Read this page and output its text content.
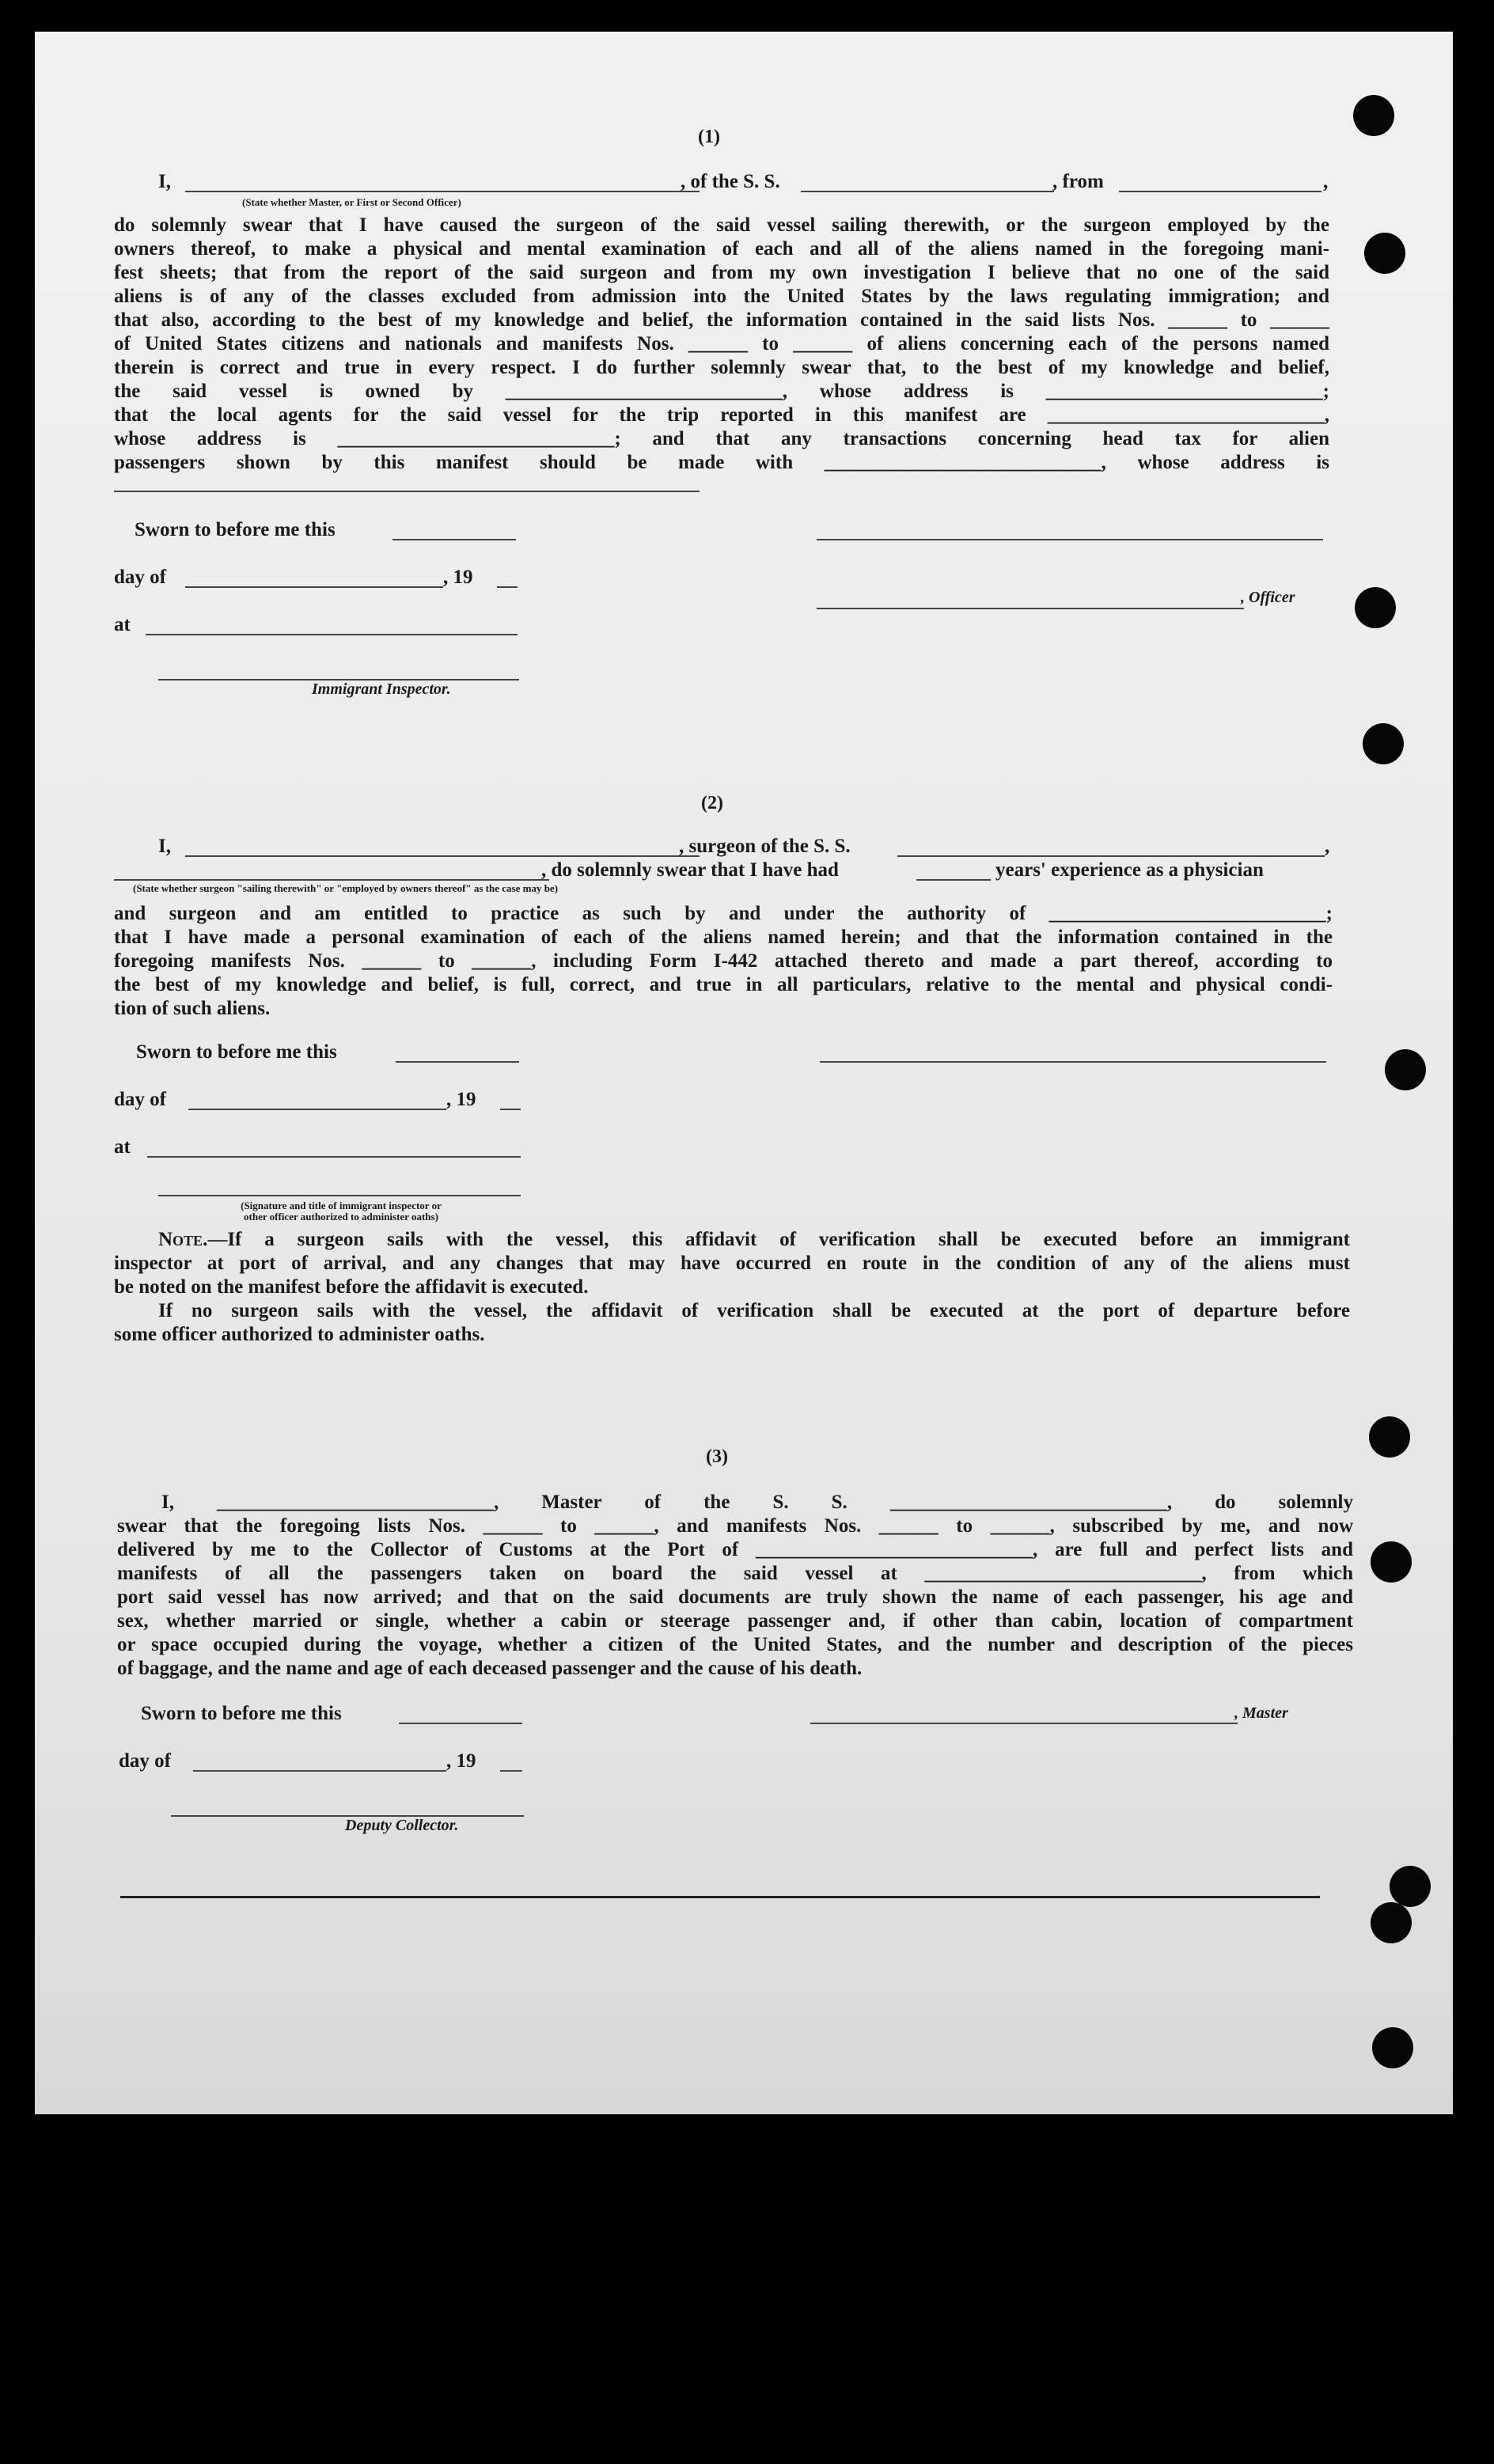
(1)
I,	, of the S. S.	, from	,
(State whether Master, or First or Second Officer)
do solemnly swear that I have caused the surgeon of the said vessel sailing therewith, or the surgeon employed by the
owners thereof, to make a physical and mental examination of each and all of the aliens named in the foregoing mani-
fest sheets; that from the report of the said surgeon and from my own investigation I believe that no one of the said
aliens is of any of the classes excluded from admission into the United States by the laws regulating immigration; and
that also, according to the best of my knowledge and belief, the information contained in the said lists Nos. ______ to ______
of United States citizens and nationals and manifests Nos. ______ to ______ of aliens concerning each of the persons named
therein is correct and true in every respect. I do further solemnly swear that, to the best of my knowledge and belief,
the said vessel is owned by ____________________________, whose address is ____________________________;
that the local agents for the said vessel for the trip reported in this manifest are ____________________________,
whose address is ____________________________; and that any transactions concerning head tax for alien
passengers shown by this manifest should be made with ____________________________, whose address is
Sworn to before me this
day of	, 19
, Officer
at
Immigrant Inspector.
(2)
I,	, surgeon of the S. S.	,
, do solemnly swear that I have had	years' experience as a physician
(State whether surgeon "sailing therewith" or "employed by owners thereof" as the case may be)
and surgeon and am entitled to practice as such by and under the authority of ____________________________;
that I have made a personal examination of each of the aliens named herein; and that the information contained in the
foregoing manifests Nos. ______ to ______, including Form I-442 attached thereto and made a part thereof, according to
the best of my knowledge and belief, is full, correct, and true in all particulars, relative to the mental and physical condi-
tion of such aliens.
Sworn to before me this
day of	, 19
at
(Signature and title of immigrant inspector or
other officer authorized to administer oaths)
Note.—If a surgeon sails with the vessel, this affidavit of verification shall be executed before an immigrant
inspector at port of arrival, and any changes that may have occurred en route in the condition of any of the aliens must
be noted on the manifest before the affidavit is executed.
If no surgeon sails with the vessel, the affidavit of verification shall be executed at the port of departure before
some officer authorized to administer oaths.
(3)
I, ____________________________, Master of the S. S. ____________________________, do solemnly
swear that the foregoing lists Nos. ______ to ______, and manifests Nos. ______ to ______, subscribed by me, and now
delivered by me to the Collector of Customs at the Port of ____________________________, are full and perfect lists and
manifests of all the passengers taken on board the said vessel at ____________________________, from which
port said vessel has now arrived; and that on the said documents are truly shown the name of each passenger, his age and
sex, whether married or single, whether a cabin or steerage passenger and, if other than cabin, location of compartment
or space occupied during the voyage, whether a citizen of the United States, and the number and description of the pieces
of baggage, and the name and age of each deceased passenger and the cause of his death.
Sworn to before me this	, Master
day of	, 19
Deputy Collector.
